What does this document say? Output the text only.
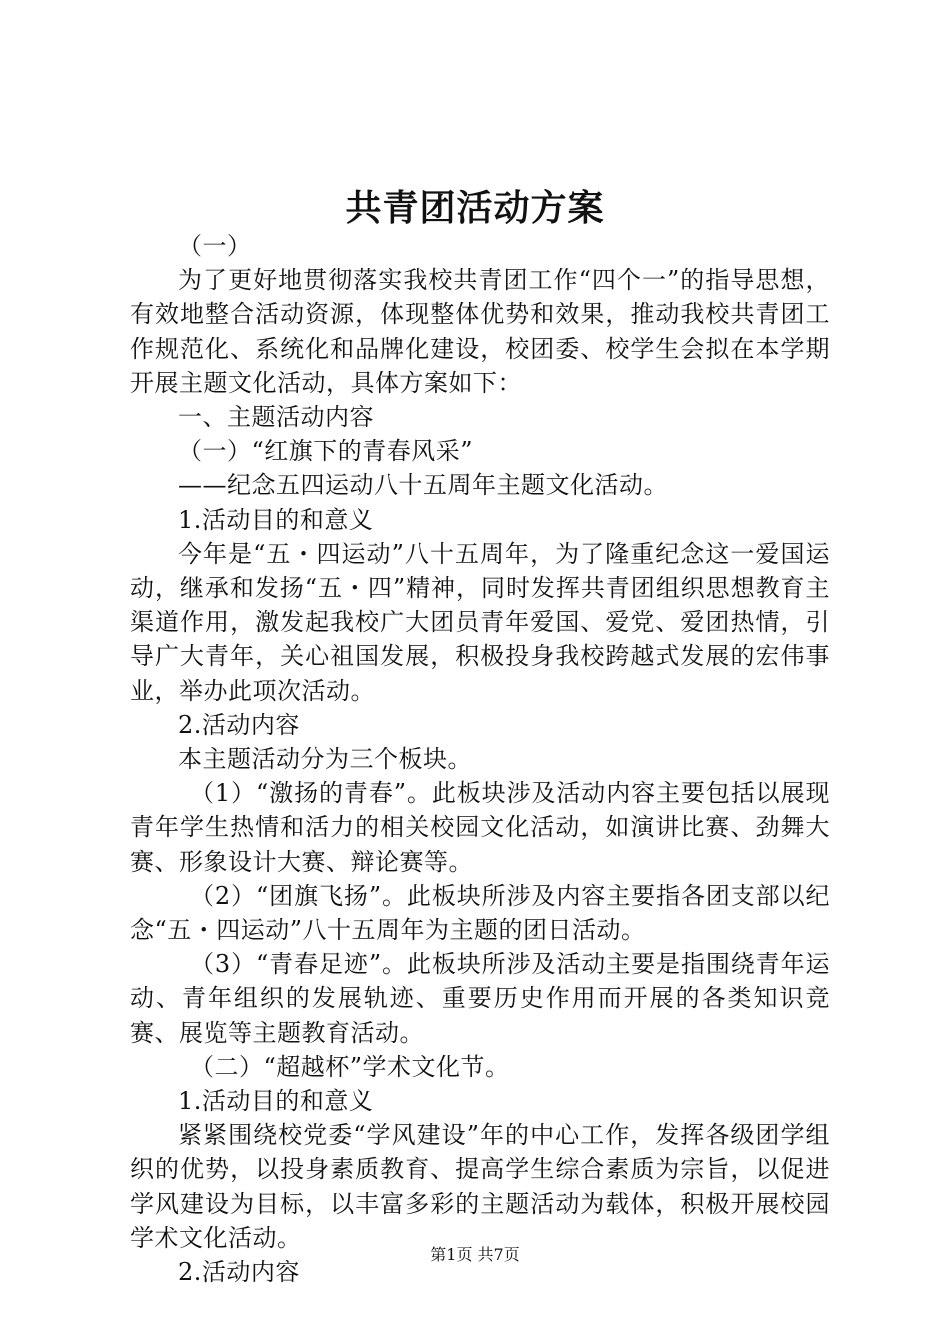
共青团活动方案

（一）

为了更好地贯彻落实我校共青团工作“四个一”的指导思想，有效地整合活动资源，体现整体优势和效果，推动我校共青团工作规范化、系统化和品牌化建设，校团委、校学生会拟在本学期开展主题文化活动，具体方案如下：

一、主题活动内容

（一）“红旗下的青春风采”

——纪念五四运动八十五周年主题文化活动。

1.活动目的和意义

今年是“五・四运动”八十五周年，为了隆重纪念这一爱国运动，继承和发扬“五・四”精神，同时发挥共青团组织思想教育主渠道作用，激发起我校广大团员青年爱国、爱党、爱团热情，引导广大青年，关心祖国发展，积极投身我校跨越式发展的宏伟事业，举办此项次活动。

2.活动内容

本主题活动分为三个板块。

（1）“激扬的青春”。此板块涉及活动内容主要包括以展现青年学生热情和活力的相关校园文化活动，如演讲比赛、劲舞大赛、形象设计大赛、辩论赛等。

（2）“团旗飞扬”。此板块所涉及内容主要指各团支部以纪念“五・四运动”八十五周年为主题的团日活动。

（3）“青春足迹”。此板块所涉及活动主要是指围绕青年运动、青年组织的发展轨迹、重要历史作用而开展的各类知识竞赛、展览等主题教育活动。

（二）“超越杯”学术文化节。

1.活动目的和意义

紧紧围绕校党委“学风建设”年的中心工作，发挥各级团学组织的优势，以投身素质教育、提高学生综合素质为宗旨，以促进学风建设为目标，以丰富多彩的主题活动为载体，积极开展校园学术文化活动。

2.活动内容

第1页 共7页
